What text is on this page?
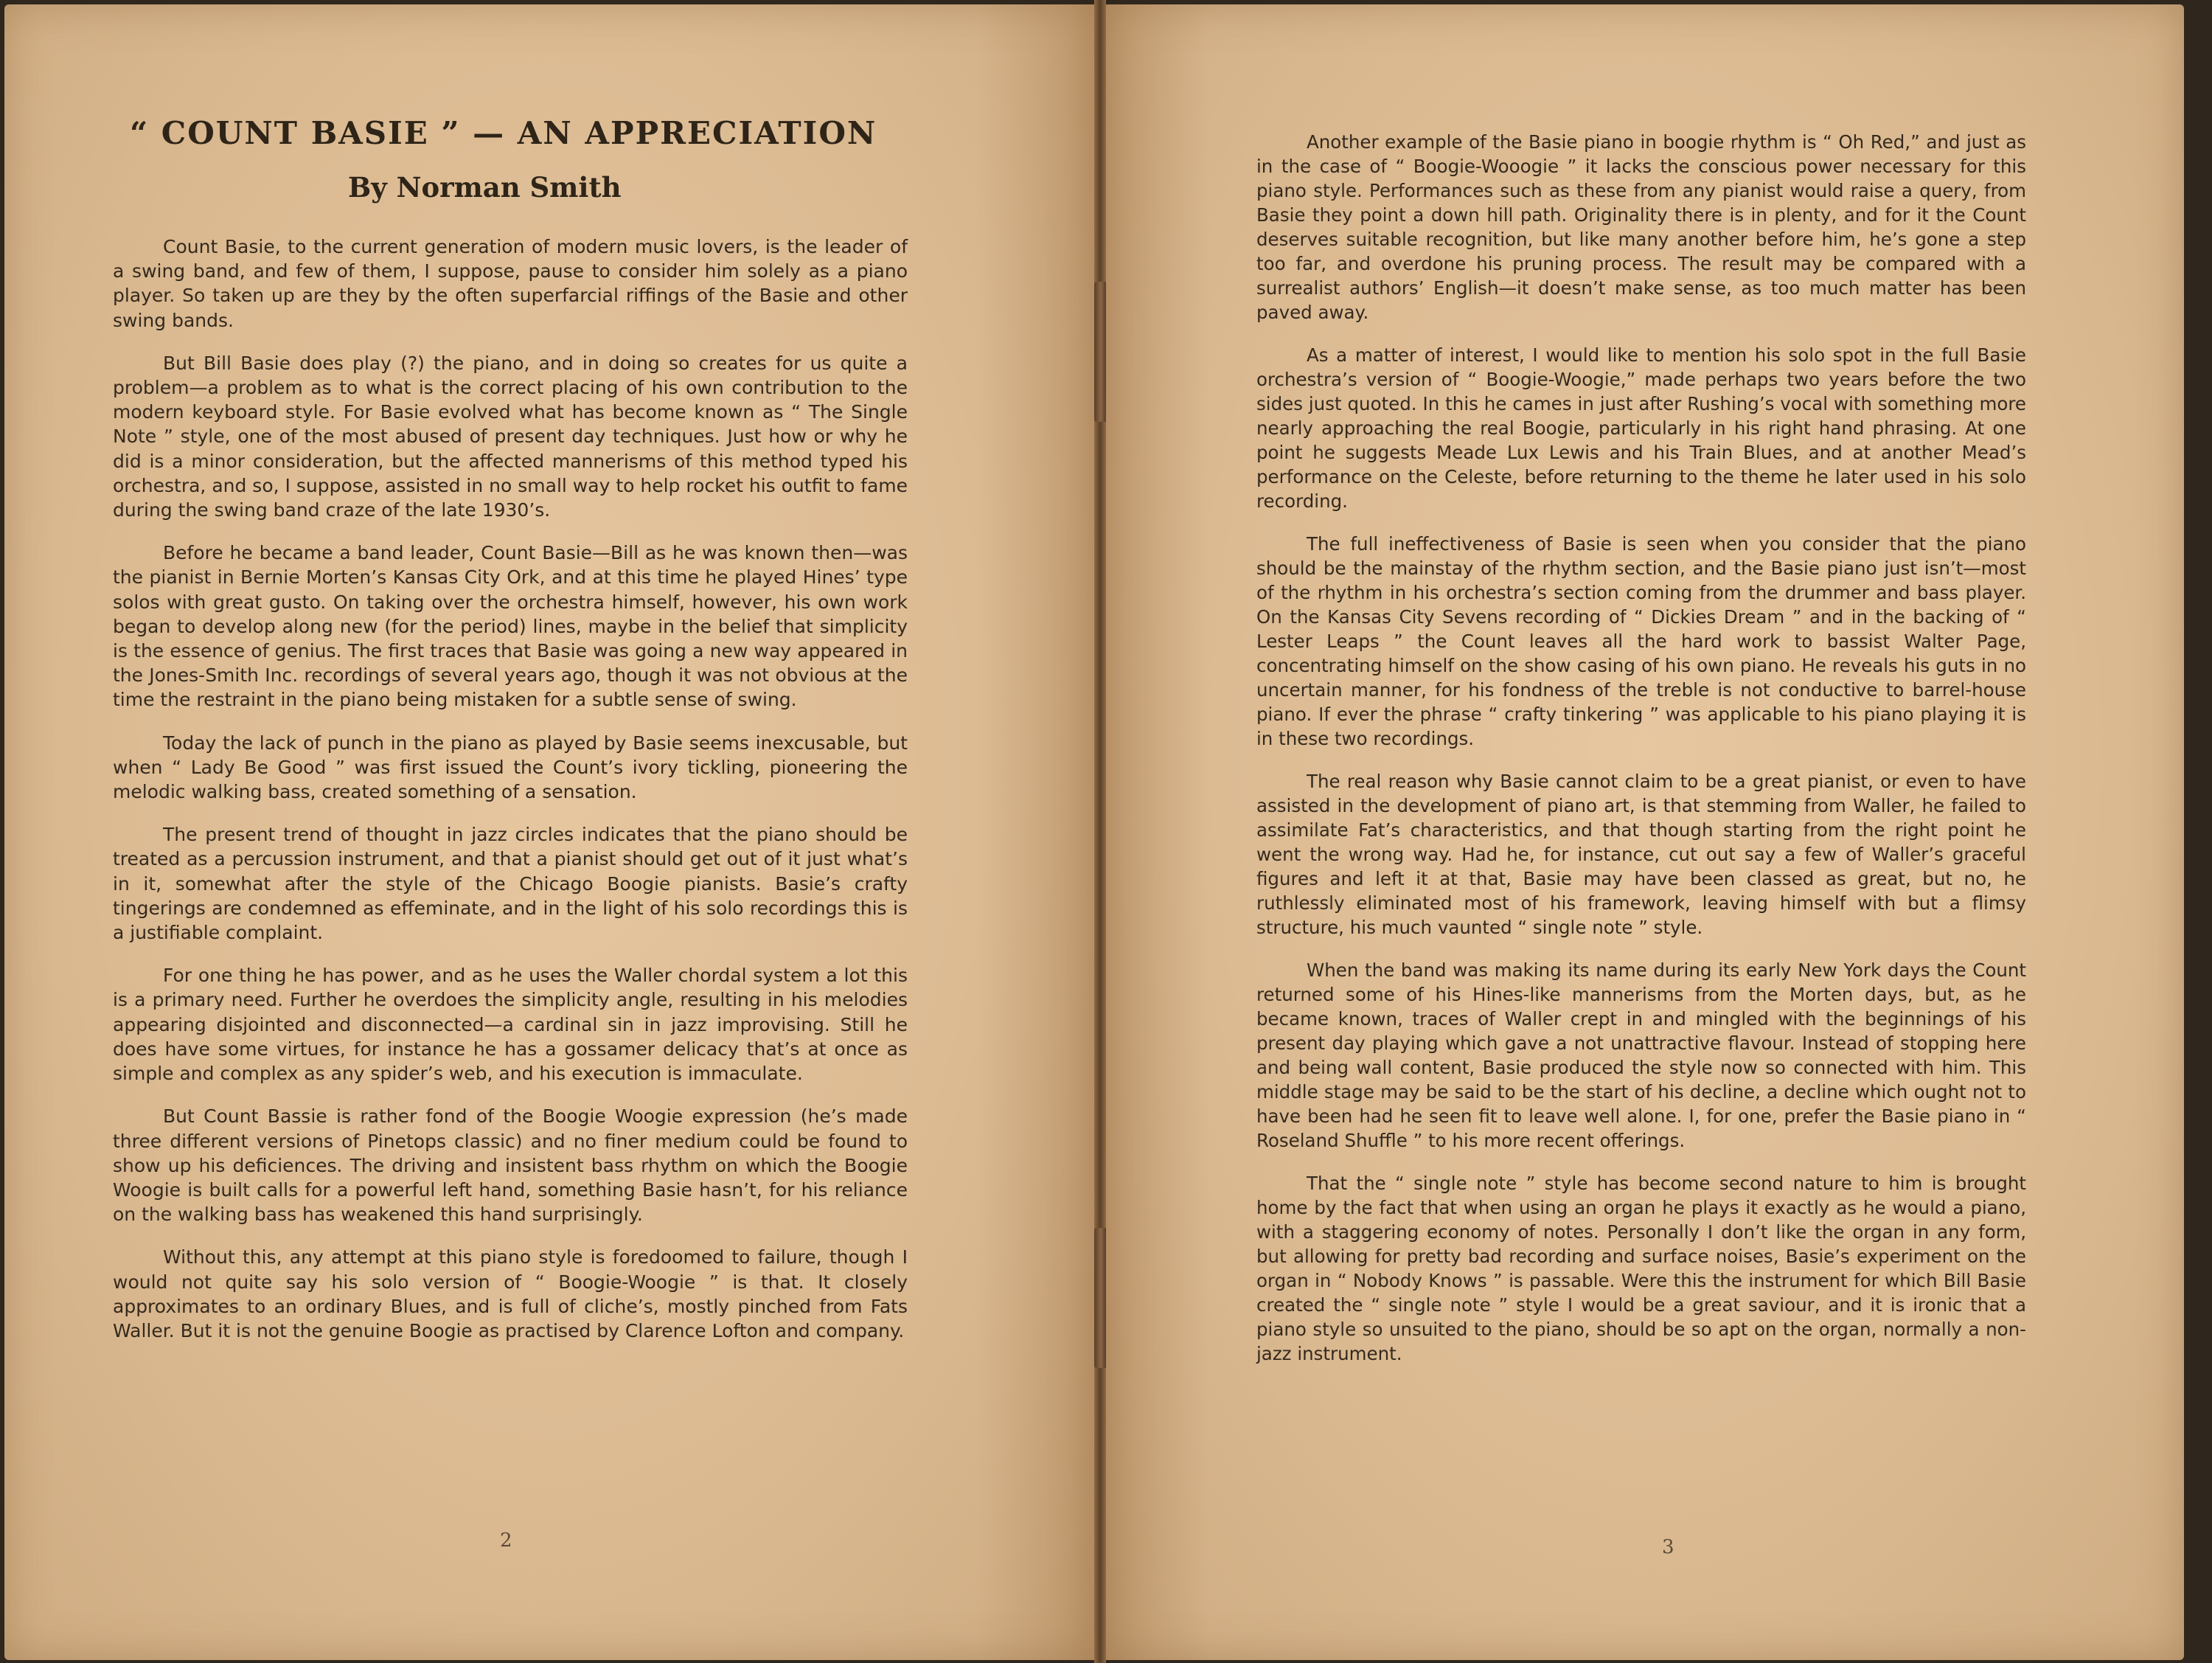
“ COUNT BASIE ” — AN APPRECIATION
By Norman Smith

Count Basie, to the current generation of modern music lovers, is the leader of a swing band, and few of them, I suppose, pause to consider him solely as a piano player. So taken up are they by the often superfarcial riffings of the Basie and other swing bands.

But Bill Basie does play (?) the piano, and in doing so creates for us quite a problem—a problem as to what is the correct placing of his own contribution to the modern keyboard style. For Basie evolved what has become known as “ The Single Note ” style, one of the most abused of present day techniques. Just how or why he did is a minor consideration, but the affected mannerisms of this method typed his orchestra, and so, I suppose, assisted in no small way to help rocket his outfit to fame during the swing band craze of the late 1930’s.

Before he became a band leader, Count Basie—Bill as he was known then—was the pianist in Bernie Morten’s Kansas City Ork, and at this time he played Hines’ type solos with great gusto. On taking over the orchestra himself, however, his own work began to develop along new (for the period) lines, maybe in the belief that simplicity is the essence of genius. The first traces that Basie was going a new way appeared in the Jones-Smith Inc. recordings of several years ago, though it was not obvious at the time the restraint in the piano being mistaken for a subtle sense of swing.

Today the lack of punch in the piano as played by Basie seems inexcusable, but when “ Lady Be Good ” was first issued the Count’s ivory tickling, pioneering the melodic walking bass, created something of a sensation.

The present trend of thought in jazz circles indicates that the piano should be treated as a percussion instrument, and that a pianist should get out of it just what’s in it, somewhat after the style of the Chicago Boogie pianists. Basie’s crafty tingerings are condemned as effeminate, and in the light of his solo recordings this is a justifiable complaint.

For one thing he has power, and as he uses the Waller chordal system a lot this is a primary need. Further he overdoes the simplicity angle, resulting in his melodies appearing disjointed and disconnected—a cardinal sin in jazz improvising. Still he does have some virtues, for instance he has a gossamer delicacy that’s at once as simple and complex as any spider’s web, and his execution is immaculate.

But Count Bassie is rather fond of the Boogie Woogie expression (he’s made three different versions of Pinetops classic) and no finer medium could be found to show up his deficiences. The driving and insistent bass rhythm on which the Boogie Woogie is built calls for a powerful left hand, something Basie hasn’t, for his reliance on the walking bass has weakened this hand surprisingly.

Without this, any attempt at this piano style is foredoomed to failure, though I would not quite say his solo version of “ Boogie-Woogie ” is that. It closely approximates to an ordinary Blues, and is full of cliche’s, mostly pinched from Fats Waller. But it is not the genuine Boogie as practised by Clarence Lofton and company.

2

Another example of the Basie piano in boogie rhythm is “ Oh Red,” and just as in the case of “ Boogie-Wooogie ” it lacks the conscious power necessary for this piano style. Performances such as these from any pianist would raise a query, from Basie they point a down hill path. Originality there is in plenty, and for it the Count deserves suitable recognition, but like many another before him, he’s gone a step too far, and overdone his pruning process. The result may be compared with a surrealist authors’ English—it doesn’t make sense, as too much matter has been paved away.

As a matter of interest, I would like to mention his solo spot in the full Basie orchestra’s version of “ Boogie-Woogie,” made perhaps two years before the two sides just quoted. In this he cames in just after Rushing’s vocal with something more nearly approaching the real Boogie, particularly in his right hand phrasing. At one point he suggests Meade Lux Lewis and his Train Blues, and at another Mead’s performance on the Celeste, before returning to the theme he later used in his solo recording.

The full ineffectiveness of Basie is seen when you consider that the piano should be the mainstay of the rhythm section, and the Basie piano just isn’t—most of the rhythm in his orchestra’s section coming from the drummer and bass player. On the Kansas City Sevens recording of “ Dickies Dream ” and in the backing of “ Lester Leaps ” the Count leaves all the hard work to bassist Walter Page, concentrating himself on the show casing of his own piano. He reveals his guts in no uncertain manner, for his fondness of the treble is not conductive to barrel-house piano. If ever the phrase “ crafty tinkering ” was applicable to his piano playing it is in these two recordings.

The real reason why Basie cannot claim to be a great pianist, or even to have assisted in the development of piano art, is that stemming from Waller, he failed to assimilate Fat’s characteristics, and that though starting from the right point he went the wrong way. Had he, for instance, cut out say a few of Waller’s graceful figures and left it at that, Basie may have been classed as great, but no, he ruthlessly eliminated most of his framework, leaving himself with but a flimsy structure, his much vaunted “ single note ” style.

When the band was making its name during its early New York days the Count returned some of his Hines-like mannerisms from the Morten days, but, as he became known, traces of Waller crept in and mingled with the beginnings of his present day playing which gave a not unattractive flavour. Instead of stopping here and being wall content, Basie produced the style now so connected with him. This middle stage may be said to be the start of his decline, a decline which ought not to have been had he seen fit to leave well alone. I, for one, prefer the Basie piano in “ Roseland Shuffle ” to his more recent offerings.

That the “ single note ” style has become second nature to him is brought home by the fact that when using an organ he plays it exactly as he would a piano, with a staggering economy of notes. Personally I don’t like the organ in any form, but allowing for pretty bad recording and surface noises, Basie’s experiment on the organ in “ Nobody Knows ” is passable. Were this the instrument for which Bill Basie created the “ single note ” style I would be a great saviour, and it is ironic that a piano style so unsuited to the piano, should be so apt on the organ, normally a non-jazz instrument.

3
